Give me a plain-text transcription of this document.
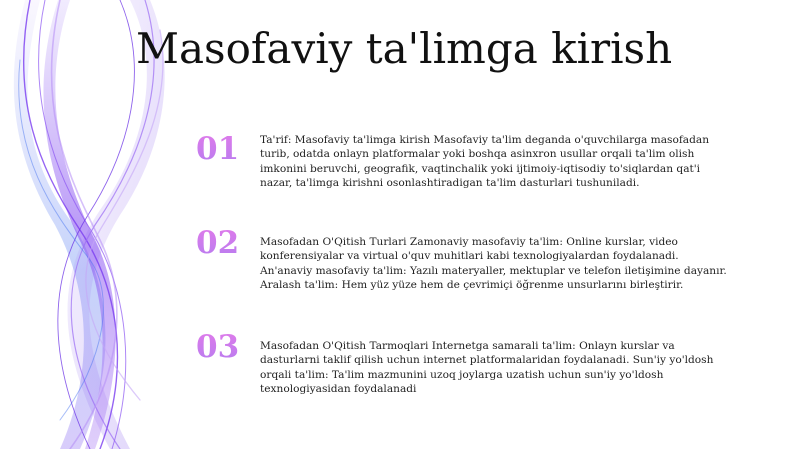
Masofaviy ta'limga kirish
01	Ta'rif: Masofaviy ta'limga kirish Masofaviy ta'lim deganda o'quvchilarga masofadan turib, odatda onlayn platformalar yoki boshqa asinxron usullar orqali ta'lim olish imkonini beruvchi, geografik, vaqtinchalik yoki ijtimoiy-iqtisodiy to'siqlardan qat'i nazar, ta'limga kirishni osonlashtiradigan ta'lim dasturlari tushuniladi.
02	Masofadan O'Qitish Turlari Zamonaviy masofaviy ta'lim: Online kurslar, video konferensiyalar va virtual o'quv muhitlari kabi texnologiyalardan foydalanadi. An'anaviy masofaviy ta'lim: Yazılı materyaller, mektuplar ve telefon iletişimine dayanır. Aralash ta'lim: Hem yüz yüze hem de çevrimiçi öğrenme unsurlarını birleştirir.
03	Masofadan O'Qitish Tarmoqlari Internetga samarali ta'lim: Onlayn kurslar va dasturlarni taklif qilish uchun internet platformalaridan foydalanadi. Sun'iy yo'ldosh orqali ta'lim: Ta'lim mazmunini uzoq joylarga uzatish uchun sun'iy yo'ldosh texnologiyasidan foydalanadi
